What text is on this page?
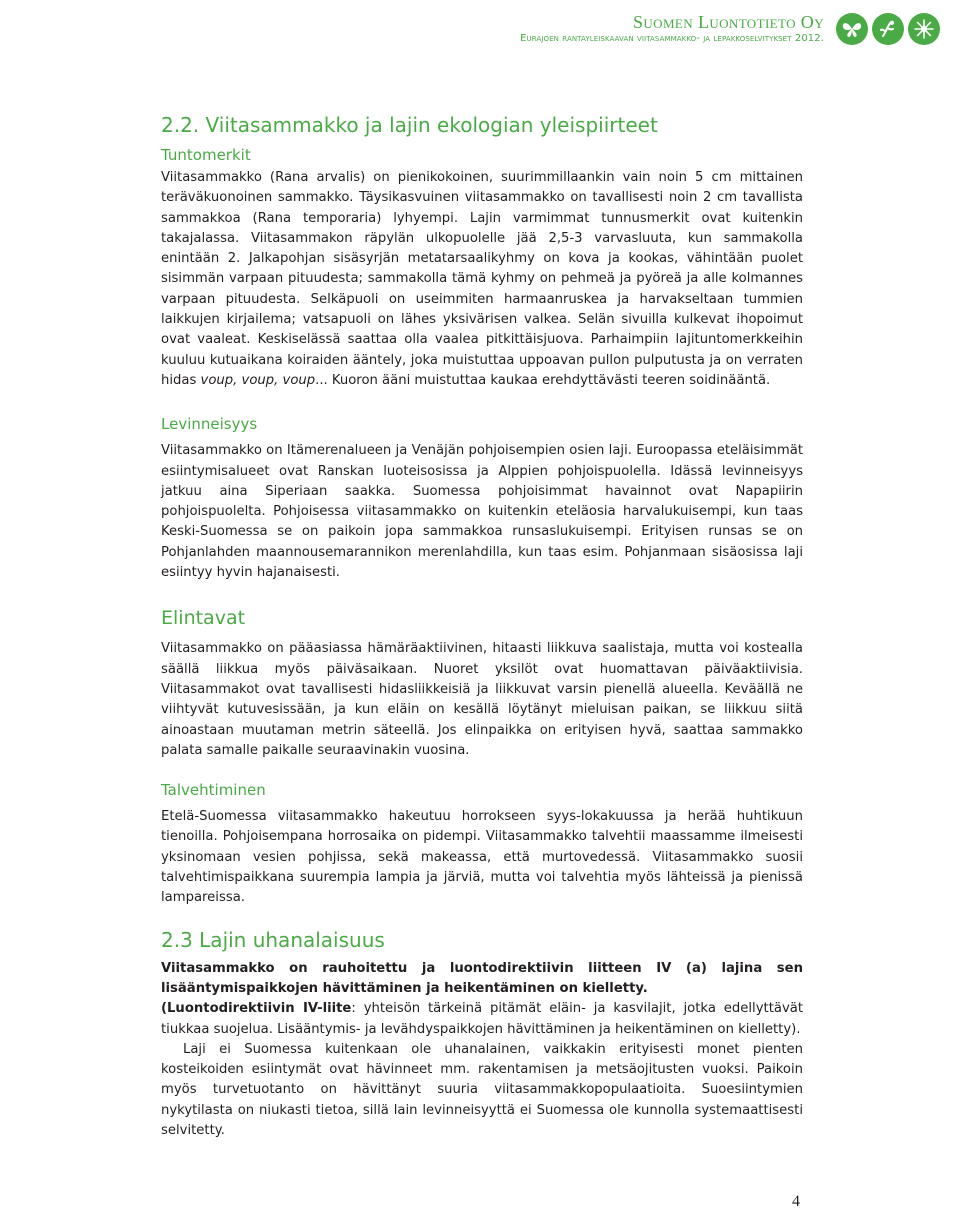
Suomen Luontotieto Oy
Eurajoen rantayleiskaavan viitasammakko- ja lepakkoselvitykset 2012.
2.2. Viitasammakko ja lajin ekologian yleispiirteet
Tuntomerkit

Viitasammakko (Rana arvalis) on pienikokoinen, suurimmillaankin vain noin 5 cm mittainen teräväkuonoinen sammakko. Täysikasvuinen viitasammakko on tavallisesti noin 2 cm tavallista sammakkoa (Rana temporaria) lyhyempi. Lajin varmimmat tunnusmerkit ovat kuitenkin takajalassa. Viitasammakon räpylän ulkopuolelle jää 2,5-3 varvasluuta, kun sammakolla enintään 2. Jalkapohjan sisäsyrjän metatarsaalikyhmy on kova ja kookas, vähintään puolet sisimmän varpaan pituudesta; sammakolla tämä kyhmy on pehmeä ja pyöreä ja alle kolmannes varpaan pituudesta. Selkäpuoli on useimmiten harmaanruskea ja harvakseltaan tummien laikkujen kirjailema; vatsapuoli on lähes yksivärisen valkea. Selän sivuilla kulkevat ihopoimut ovat vaaleat. Keskiselässä saattaa olla vaalea pitkittäisjuova. Parhaimpiin lajituntomerkkeihin kuuluu kutuaikana koiraiden ääntely, joka muistuttaa uppoavan pullon pulputusta ja on verraten hidas voup, voup, voup... Kuoron ääni muistuttaa kaukaa erehdyttävästi teeren soidinääntä.

Levinneisyys

Viitasammakko on Itämerenalueen ja Venäjän pohjoisempien osien laji. Euroopassa eteläisimmät esiintymisalueet ovat Ranskan luoteisosissa ja Alppien pohjoispuolella. Idässä levinneisyys jatkuu aina Siperiaan saakka. Suomessa pohjoisimmat havainnot ovat Napapiirin pohjoispuolelta. Pohjoisessa viitasammakko on kuitenkin eteläosia harvalukuisempi, kun taas Keski-Suomessa se on paikoin jopa sammakkoa runsaslukuisempi. Erityisen runsas se on Pohjanlahden maannousemarannikon merenlahdilla, kun taas esim. Pohjanmaan sisäosissa laji esiintyy hyvin hajanaisesti.

Elintavat

Viitasammakko on pääasiassa hämäräaktiivinen, hitaasti liikkuva saalistaja, mutta voi kostealla säällä liikkua myös päiväsaikaan. Nuoret yksilöt ovat huomattavan päiväaktiivisia. Viitasammakot ovat tavallisesti hidasliikkeisiä ja liikkuvat varsin pienellä alueella. Keväällä ne viihtyvät kutuvesissään, ja kun eläin on kesällä löytänyt mieluisan paikan, se liikkuu siitä ainoastaan muutaman metrin säteellä. Jos elinpaikka on erityisen hyvä, saattaa sammakko palata samalle paikalle seuraavinakin vuosina.

Talvehtiminen

Etelä-Suomessa viitasammakko hakeutuu horrokseen syys-lokakuussa ja herää huhtikuun tienoilla. Pohjoisempana horrosaika on pidempi. Viitasammakko talvehtii maassamme ilmeisesti yksinomaan vesien pohjissa, sekä makeassa, että murtovedessä. Viitasammakko suosii talvehtimispaikkana suurempia lampia ja järviä, mutta voi talvehtia myös lähteissä ja pienissä lampareissa.

2.3 Lajin uhanalaisuus

Viitasammakko on rauhoitettu ja luontodirektiivin liitteen IV (a) lajina sen lisääntymispaikkojen hävittäminen ja heikentäminen on kielletty.

(Luontodirektiivin IV-liite: yhteisön tärkeinä pitämät eläin- ja kasvilajit, jotka edellyttävät tiukkaa suojelua. Lisääntymis- ja levähdyspaikkojen hävittäminen ja heikentäminen on kielletty).

Laji ei Suomessa kuitenkaan ole uhanalainen, vaikkakin erityisesti monet pienten kosteikoiden esiintymät ovat hävinneet mm. rakentamisen ja metsäojitusten vuoksi. Paikoin myös turvetuotanto on hävittänyt suuria viitasammakkopopulaatioita. Suoesiintymien nykytilasta on niukasti tietoa, sillä lain levinneisyyttä ei Suomessa ole kunnolla systemaattisesti selvitetty.

4
